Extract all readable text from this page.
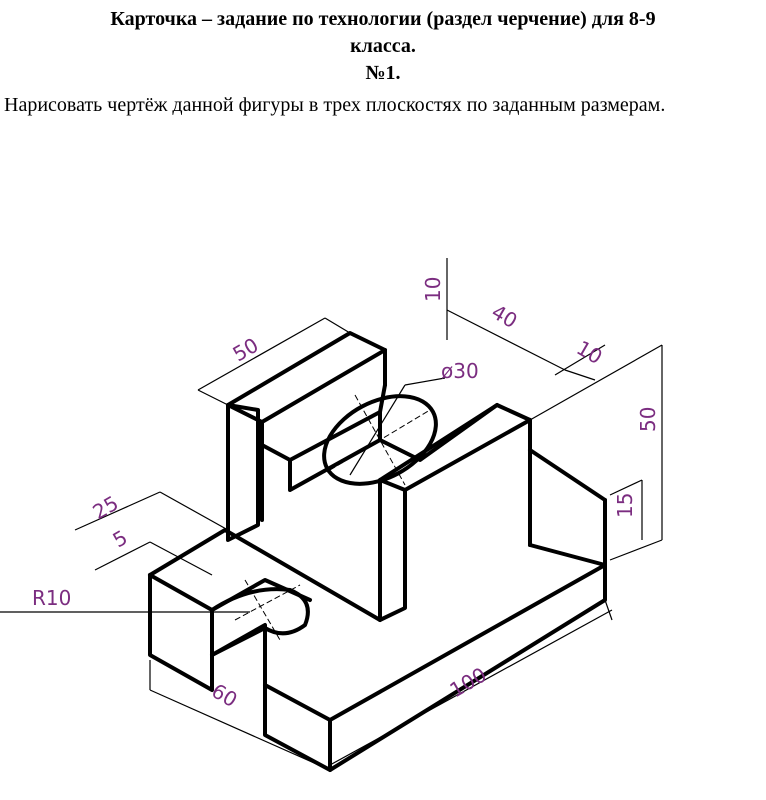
Карточка – задание по технологии (раздел черчение) для 8-9
класса.
№1.
Нарисовать чертёж данной фигуры в трех плоскостях по заданным размерам.
50
10
40
10
ø30
50
15
25
5
R10
60	100
